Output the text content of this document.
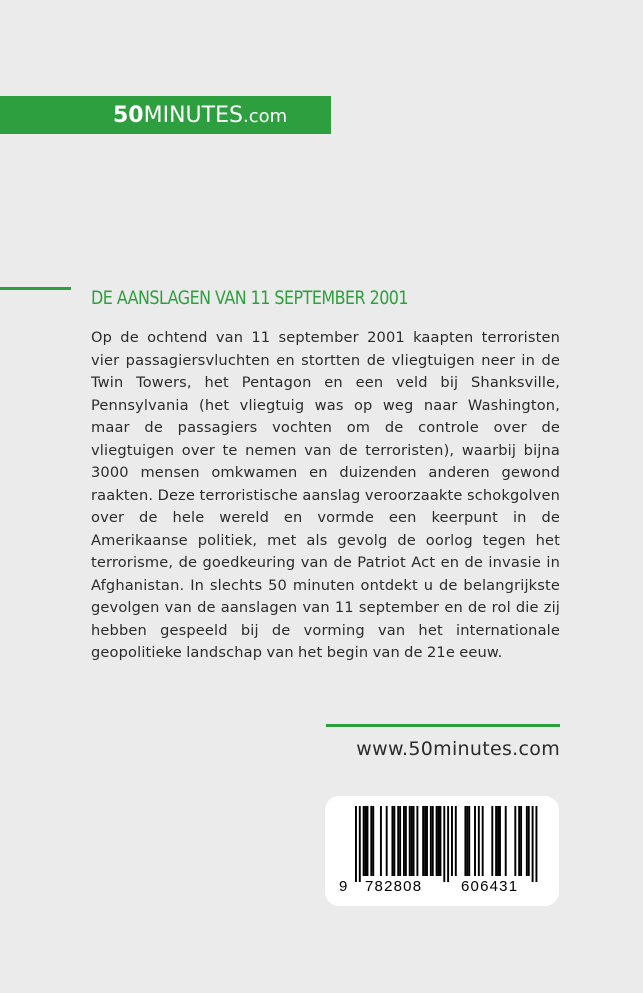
50MINUTES.com
DE AANSLAGEN VAN 11 SEPTEMBER 2001
Op de ochtend van 11 september 2001 kaapten terroristen vier passagiersvluchten en stortten de vliegtuigen neer in de Twin Towers, het Pentagon en een veld bij Shanksville, Pennsylvania (het vliegtuig was op weg naar Washington, maar de passagiers vochten om de controle over de vliegtuigen over te nemen van de terroristen), waarbij bijna 3000 mensen omkwamen en duizenden anderen gewond raakten. Deze terroristische aanslag veroorzaakte schokgolven over de hele wereld en vormde een keerpunt in de Amerikaanse politiek, met als gevolg de oorlog tegen het terrorisme, de goedkeuring van de Patriot Act en de invasie in Afghanistan. In slechts 50 minuten ontdekt u de belangrijkste gevolgen van de aanslagen van 11 september en de rol die zij hebben gespeeld bij de vorming van het internationale geopolitieke landschap van het begin van de 21e eeuw.
www.50minutes.com
9 782808	606431
